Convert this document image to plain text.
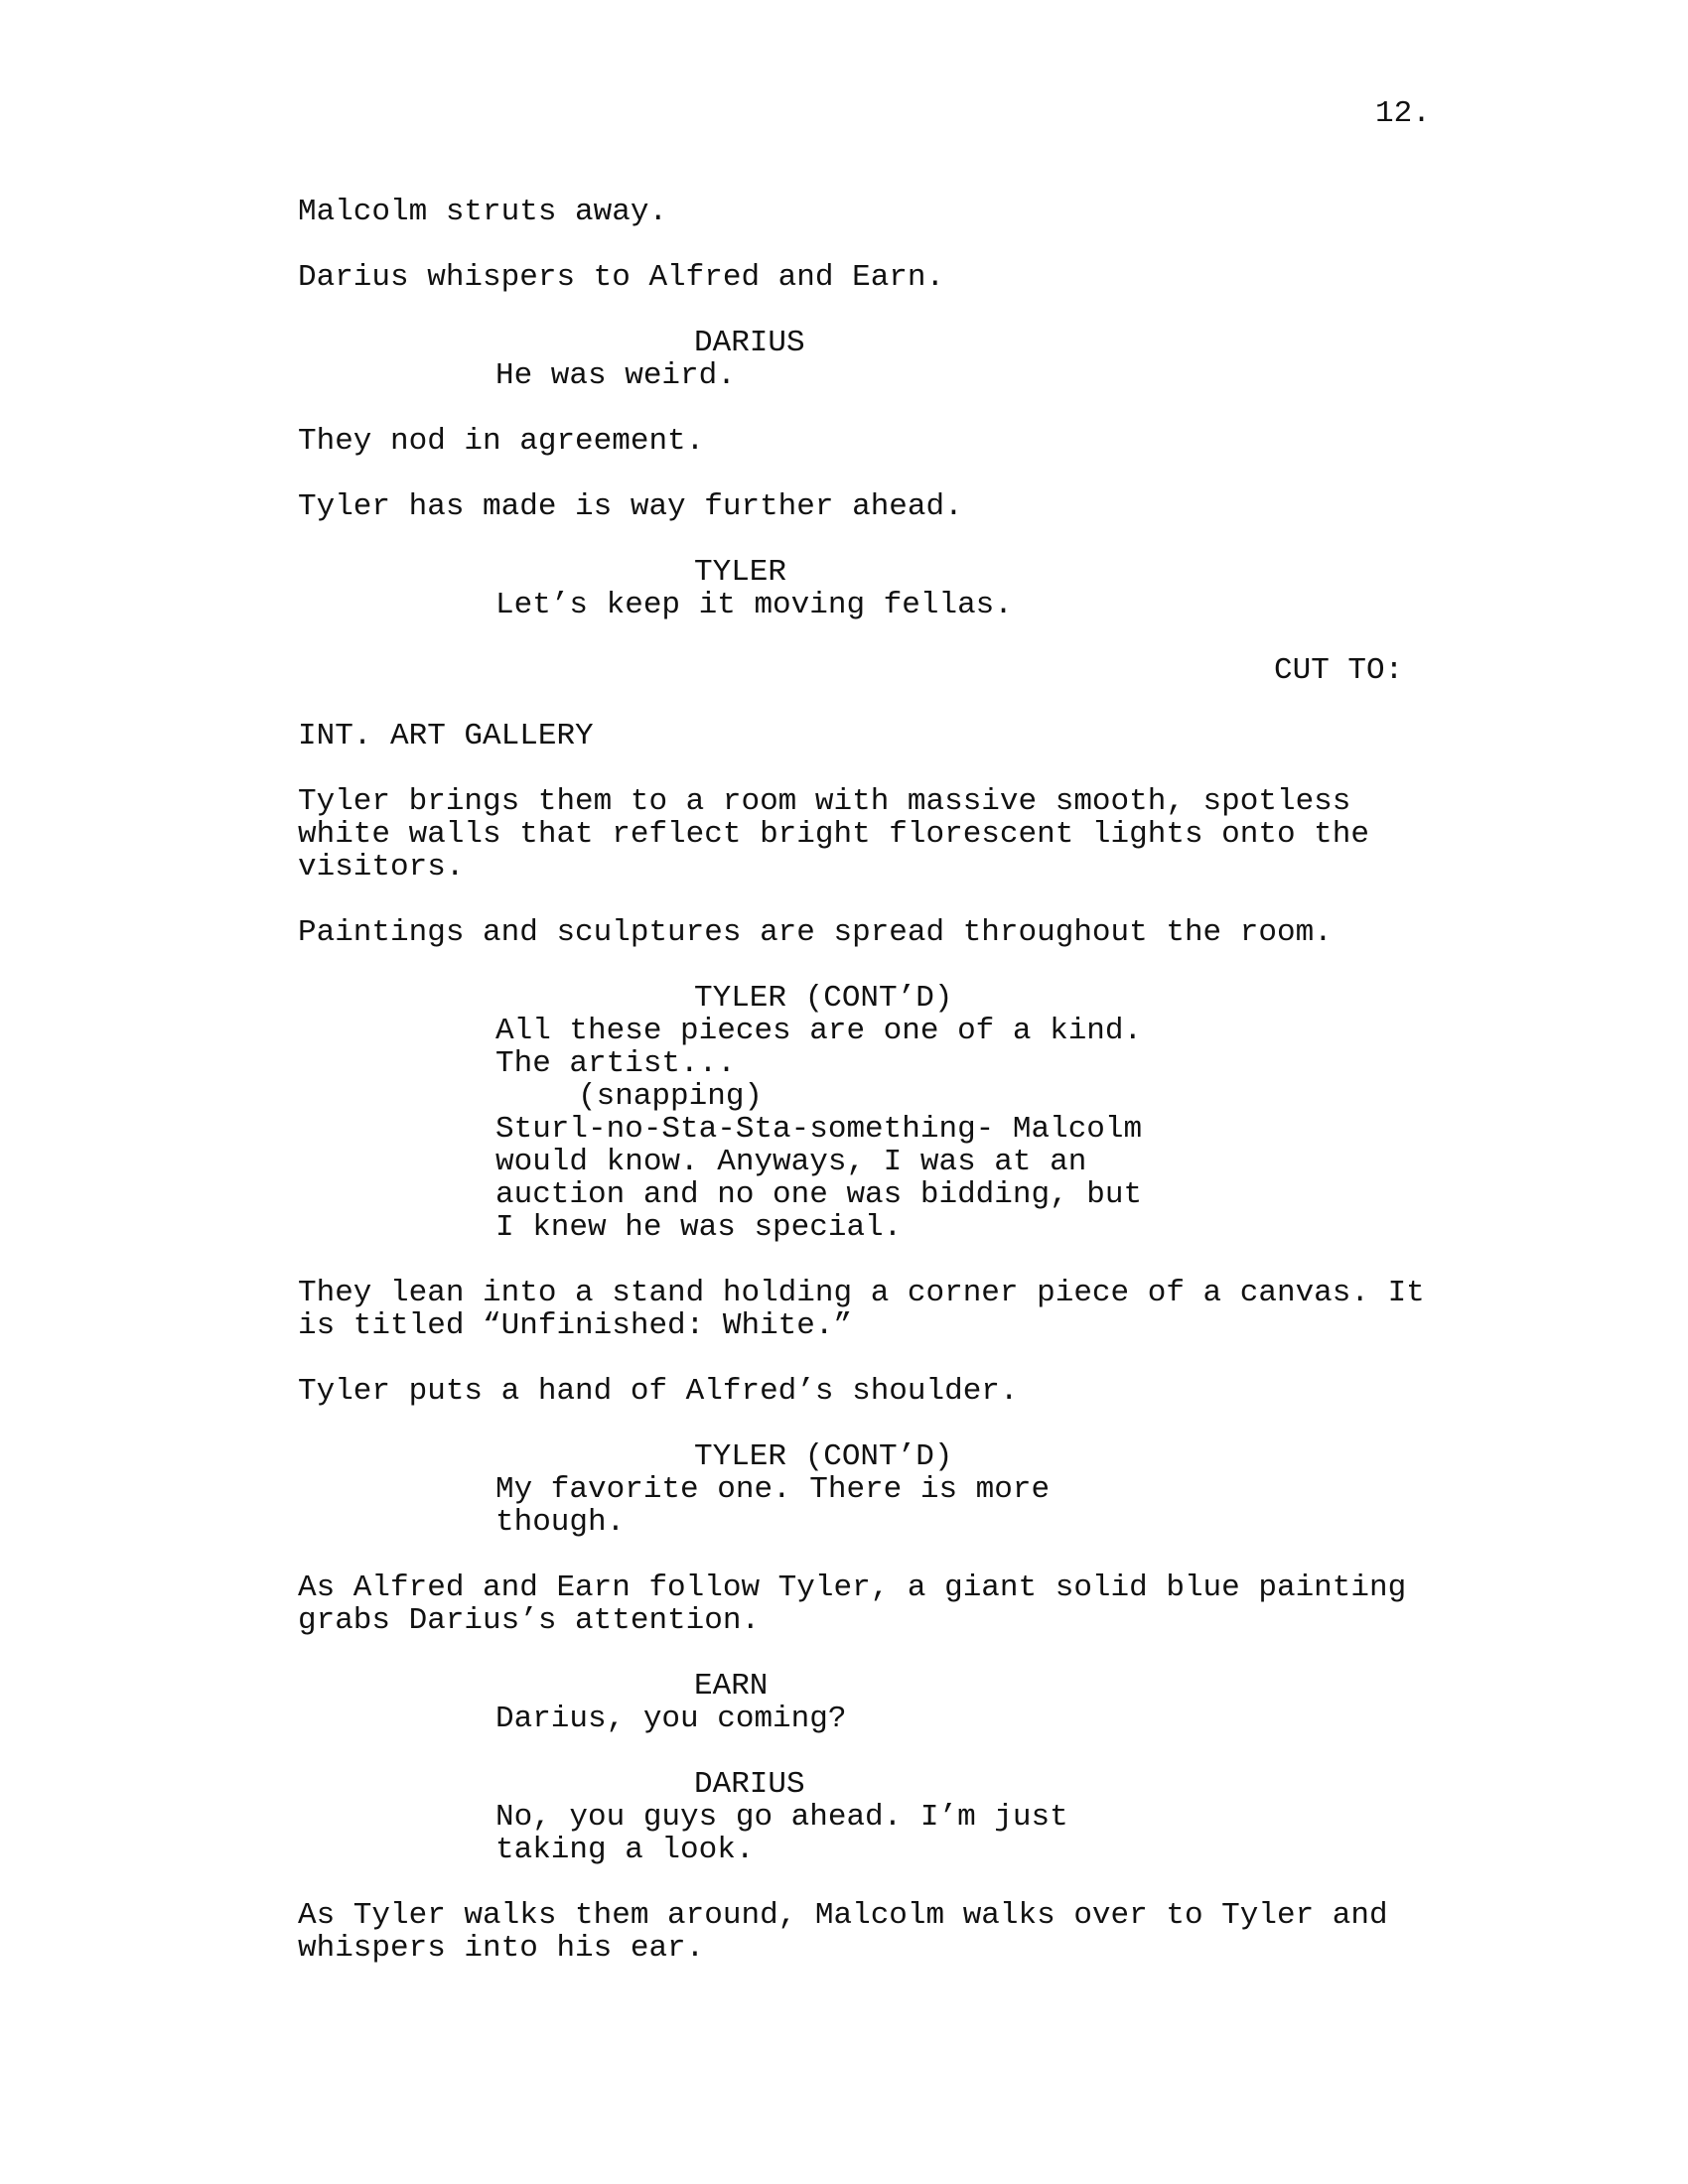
12.
Malcolm struts away.
Darius whispers to Alfred and Earn.
DARIUS
He was weird.
They nod in agreement.
Tyler has made is way further ahead.
TYLER
Let’s keep it moving fellas.
CUT TO:
INT. ART GALLERY
Tyler brings them to a room with massive smooth, spotless
white walls that reflect bright florescent lights onto the
visitors.
Paintings and sculptures are spread throughout the room.
TYLER (CONT’D)
All these pieces are one of a kind.
The artist...
(snapping)
Sturl-no-Sta-Sta-something- Malcolm
would know. Anyways, I was at an
auction and no one was bidding, but
I knew he was special.
They lean into a stand holding a corner piece of a canvas. It
is titled “Unfinished: White.”
Tyler puts a hand of Alfred’s shoulder.
TYLER (CONT’D)
My favorite one. There is more
though.
As Alfred and Earn follow Tyler, a giant solid blue painting
grabs Darius’s attention.
EARN
Darius, you coming?
DARIUS
No, you guys go ahead. I’m just
taking a look.
As Tyler walks them around, Malcolm walks over to Tyler and
whispers into his ear.
